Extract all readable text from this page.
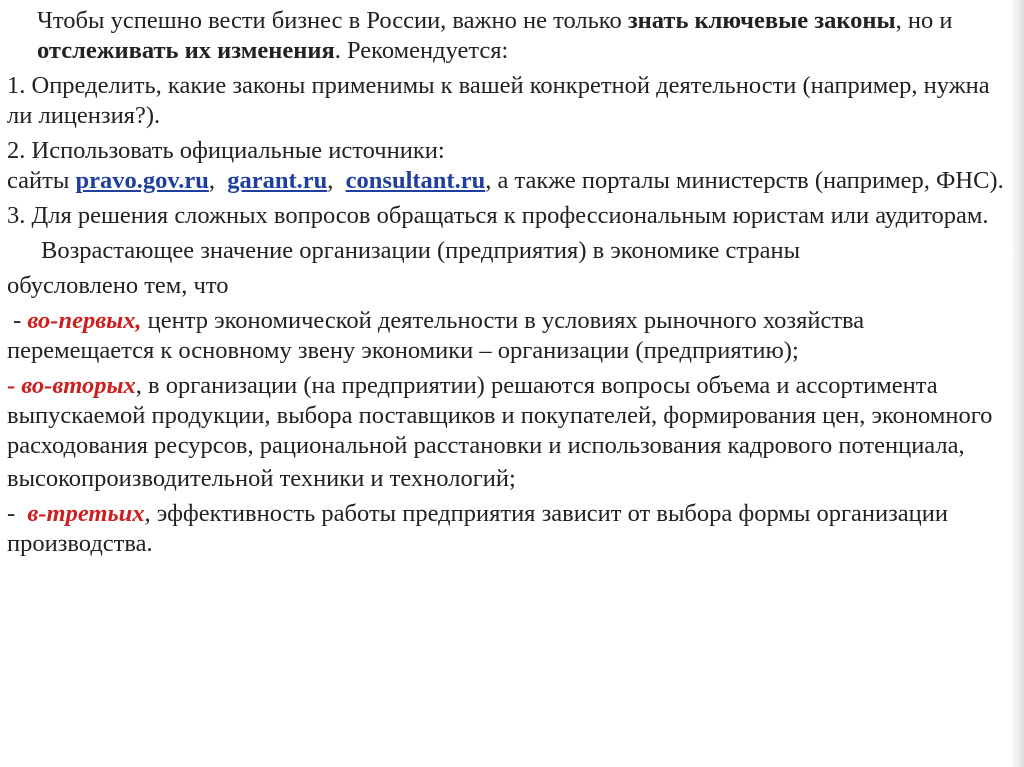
Чтобы успешно вести бизнес в России, важно не только знать ключевые законы, но и отслеживать их изменения. Рекомендуется:

1. Определить, какие законы применимы к вашей конкретной деятельности (например, нужна ли лицензия?).

2. Использовать официальные источники:
сайты pravo.gov.ru,  garant.ru,  consultant.ru, а также порталы министерств (например, ФНС).

3. Для решения сложных вопросов обращаться к профессиональным юристам или аудиторам.

Возрастающее значение организации (предприятия) в экономике страны

обусловлено тем, что

- во-первых, центр экономической деятельности в условиях рыночного хозяйства перемещается к основному звену экономики – организации (предприятию);

- во-вторых, в организации (на предприятии) решаются вопросы объема и ассортимента выпускаемой продукции, выбора поставщиков и покупателей, формирования цен, экономного расходования ресурсов, рациональной расстановки и использования кадрового потенциала,

высокопроизводительной техники и технологий;

-  в-третьих, эффективность работы предприятия зависит от выбора формы организации производства.
